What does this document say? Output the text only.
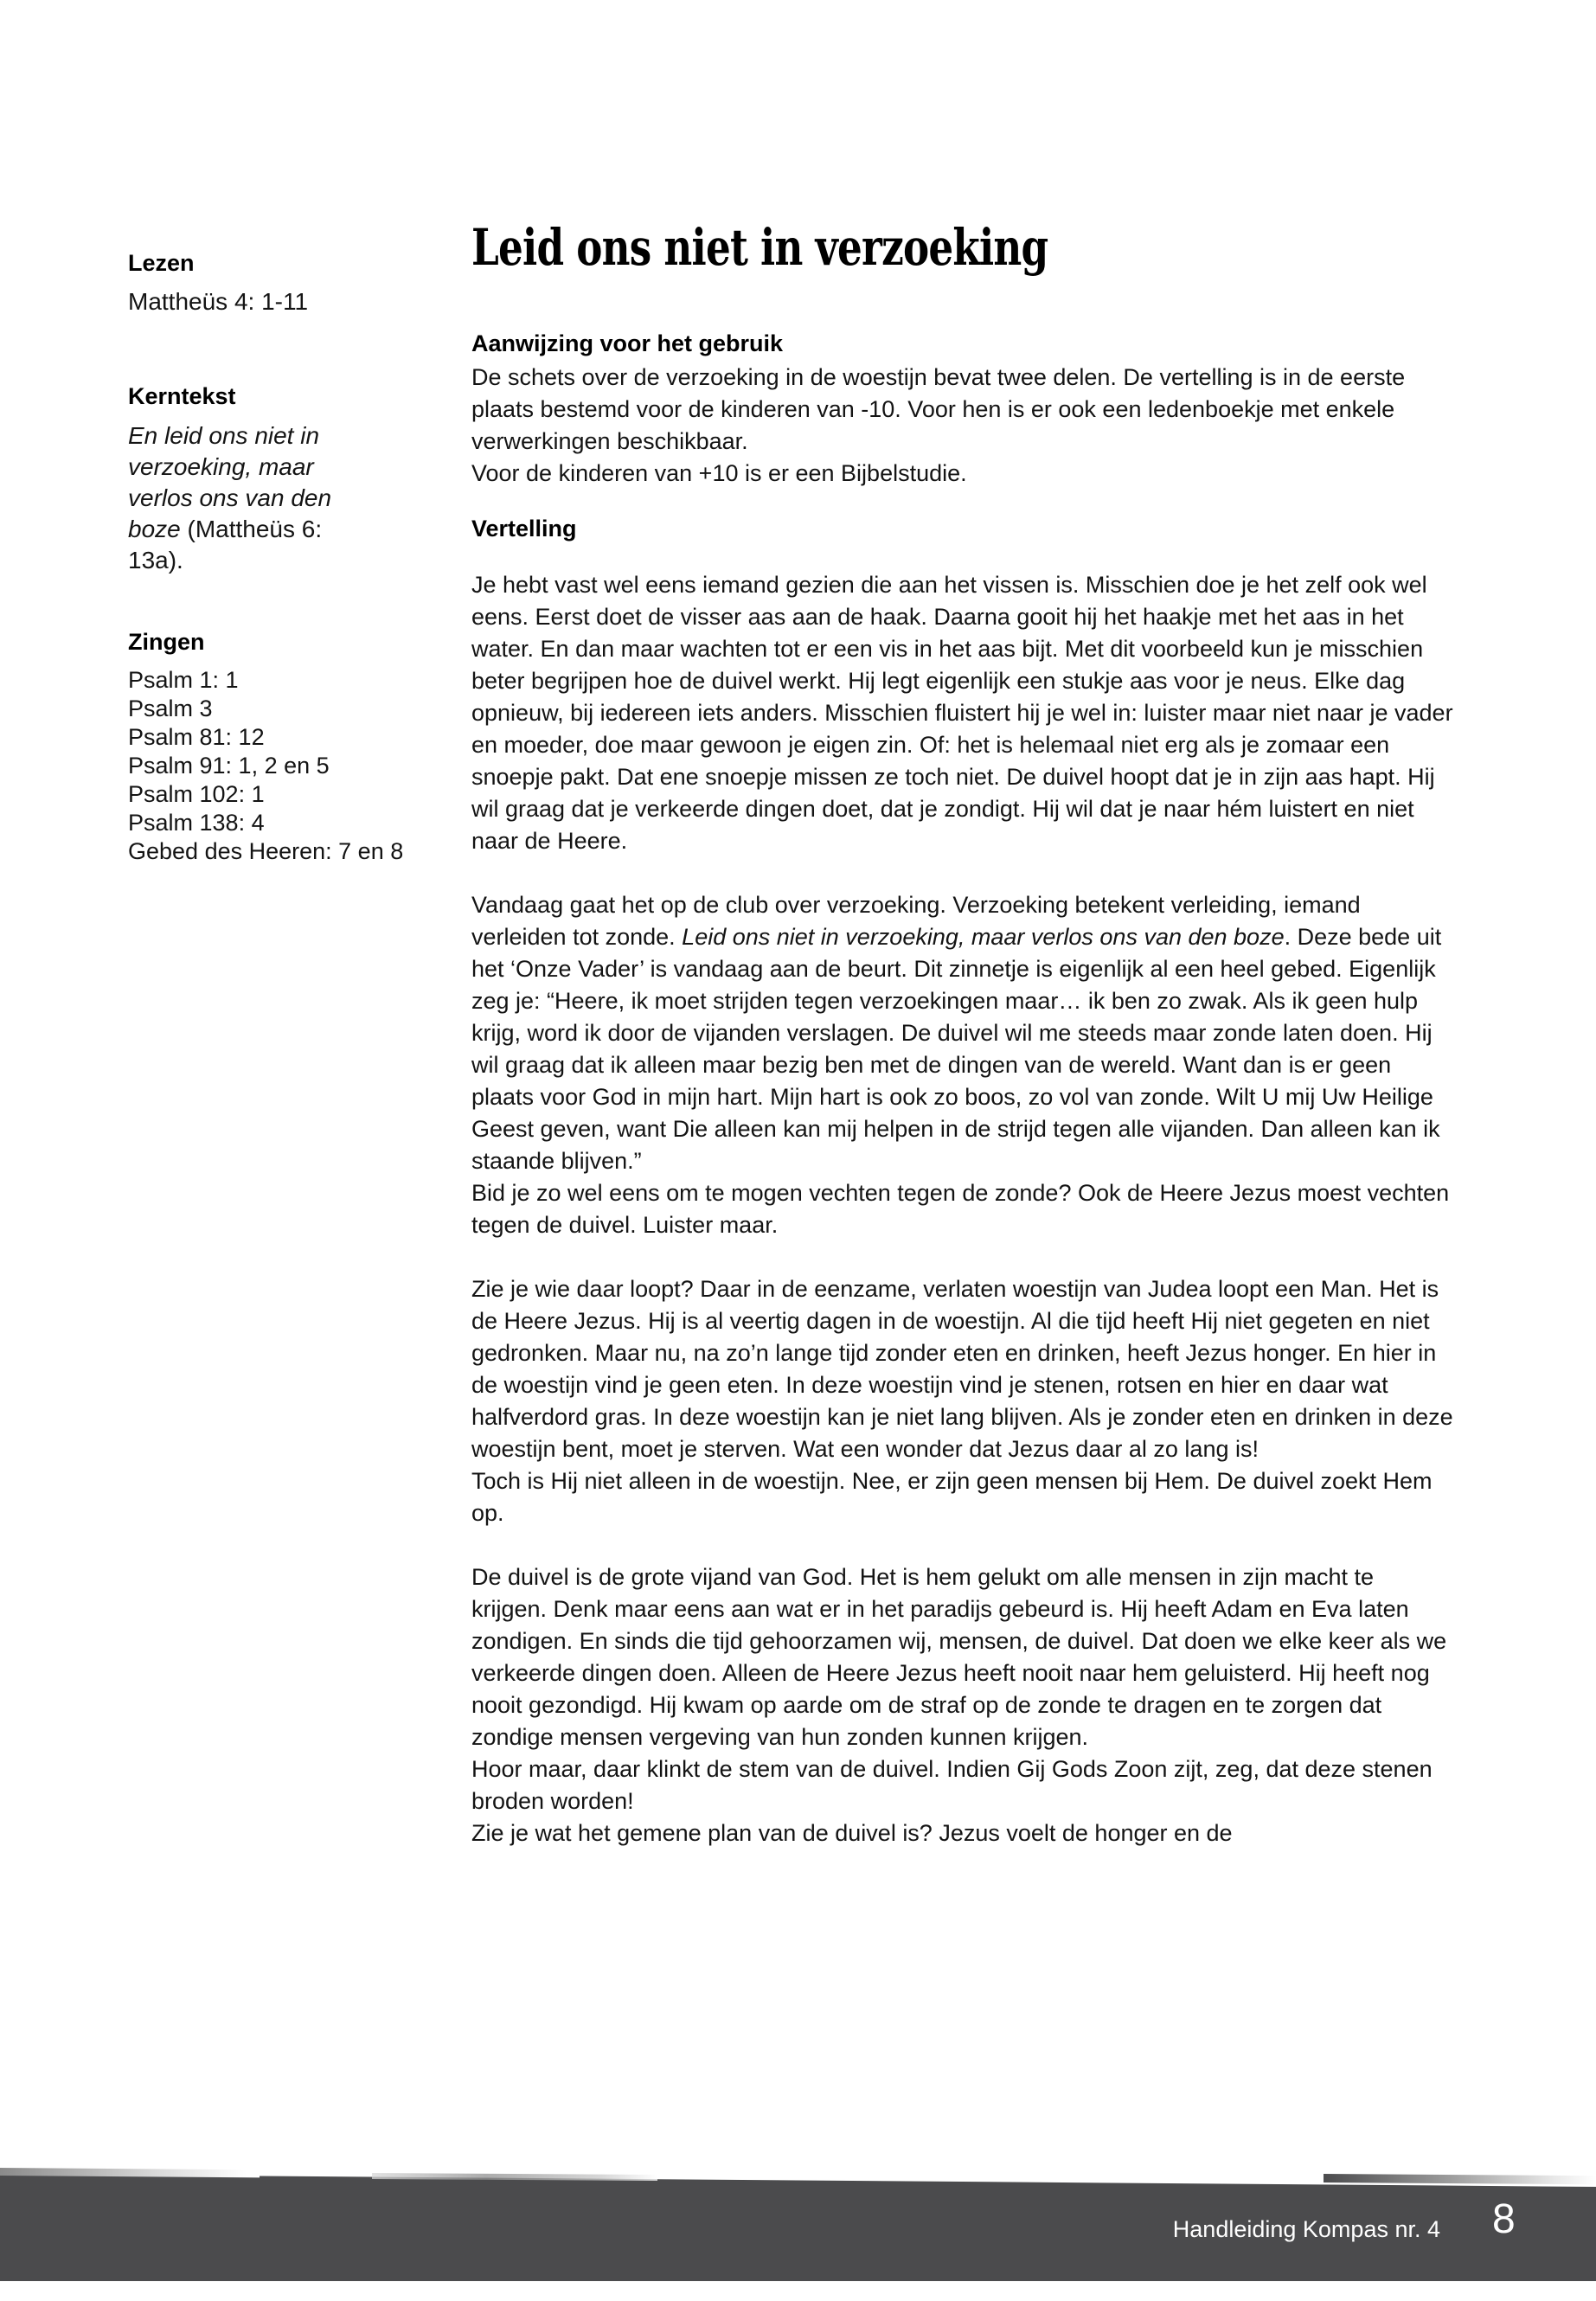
Lezen

Mattheüs 4: 1-11

Kerntekst

En leid ons niet in verzoeking, maar verlos ons van den boze (Mattheüs 6: 13a).

Zingen
Psalm 1: 1
Psalm 3
Psalm 81: 12
Psalm 91: 1, 2 en 5
Psalm 102: 1
Psalm 138: 4
Gebed des Heeren: 7 en 8
Leid ons niet in verzoeking
Aanwijzing voor het gebruik

De schets over de verzoeking in de woestijn bevat twee delen. De vertelling is in de eerste plaats bestemd voor de kinderen van -10. Voor hen is er ook een ledenboekje met enkele verwerkingen beschikbaar.
Voor de kinderen van +10 is er een Bijbelstudie.

Vertelling

Je hebt vast wel eens iemand gezien die aan het vissen is. Misschien doe je het zelf ook wel eens. Eerst doet de visser aas aan de haak. Daarna gooit hij het haakje met het aas in het water. En dan maar wachten tot er een vis in het aas bijt. Met dit voorbeeld kun je misschien beter begrijpen hoe de duivel werkt. Hij legt eigenlijk een stukje aas voor je neus. Elke dag opnieuw, bij iedereen iets anders. Misschien fluistert hij je wel in: luister maar niet naar je vader en moeder, doe maar gewoon je eigen zin. Of: het is helemaal niet erg als je zomaar een snoepje pakt. Dat ene snoepje missen ze toch niet. De duivel hoopt dat je in zijn aas hapt. Hij wil graag dat je verkeerde dingen doet, dat je zondigt. Hij wil dat je naar hém luistert en niet naar de Heere.

Vandaag gaat het op de club over verzoeking. Verzoeking betekent verleiding, iemand verleiden tot zonde. Leid ons niet in verzoeking, maar verlos ons van den boze. Deze bede uit het ‘Onze Vader’ is vandaag aan de beurt. Dit zinnetje is eigenlijk al een heel gebed. Eigenlijk zeg je: “Heere, ik moet strijden tegen verzoekingen maar… ik ben zo zwak. Als ik geen hulp krijg, word ik door de vijanden verslagen. De duivel wil me steeds maar zonde laten doen. Hij wil graag dat ik alleen maar bezig ben met de dingen van de wereld. Want dan is er geen plaats voor God in mijn hart. Mijn hart is ook zo boos, zo vol van zonde. Wilt U mij Uw Heilige Geest geven, want Die alleen kan mij helpen in de strijd tegen alle vijanden. Dan alleen kan ik staande blijven.”
Bid je zo wel eens om te mogen vechten tegen de zonde? Ook de Heere Jezus moest vechten tegen de duivel. Luister maar.

Zie je wie daar loopt? Daar in de eenzame, verlaten woestijn van Judea loopt een Man. Het is de Heere Jezus. Hij is al veertig dagen in de woestijn. Al die tijd heeft Hij niet gegeten en niet gedronken. Maar nu, na zo’n lange tijd zonder eten en drinken, heeft Jezus honger. En hier in de woestijn vind je geen eten. In deze woestijn vind je stenen, rotsen en hier en daar wat halfverdord gras. In deze woestijn kan je niet lang blijven. Als je zonder eten en drinken in deze woestijn bent, moet je sterven. Wat een wonder dat Jezus daar al zo lang is!
Toch is Hij niet alleen in de woestijn. Nee, er zijn geen mensen bij Hem. De duivel zoekt Hem op.

De duivel is de grote vijand van God. Het is hem gelukt om alle mensen in zijn macht te krijgen. Denk maar eens aan wat er in het paradijs gebeurd is. Hij heeft Adam en Eva laten zondigen. En sinds die tijd gehoorzamen wij, mensen, de duivel. Dat doen we elke keer als we verkeerde dingen doen. Alleen de Heere Jezus heeft nooit naar hem geluisterd. Hij heeft nog nooit gezondigd. Hij kwam op aarde om de straf op de zonde te dragen en te zorgen dat zondige mensen vergeving van hun zonden kunnen krijgen.
Hoor maar, daar klinkt de stem van de duivel. Indien Gij Gods Zoon zijt, zeg, dat deze stenen broden worden!
Zie je wat het gemene plan van de duivel is? Jezus voelt de honger en de

Handleiding Kompas nr. 4 8
